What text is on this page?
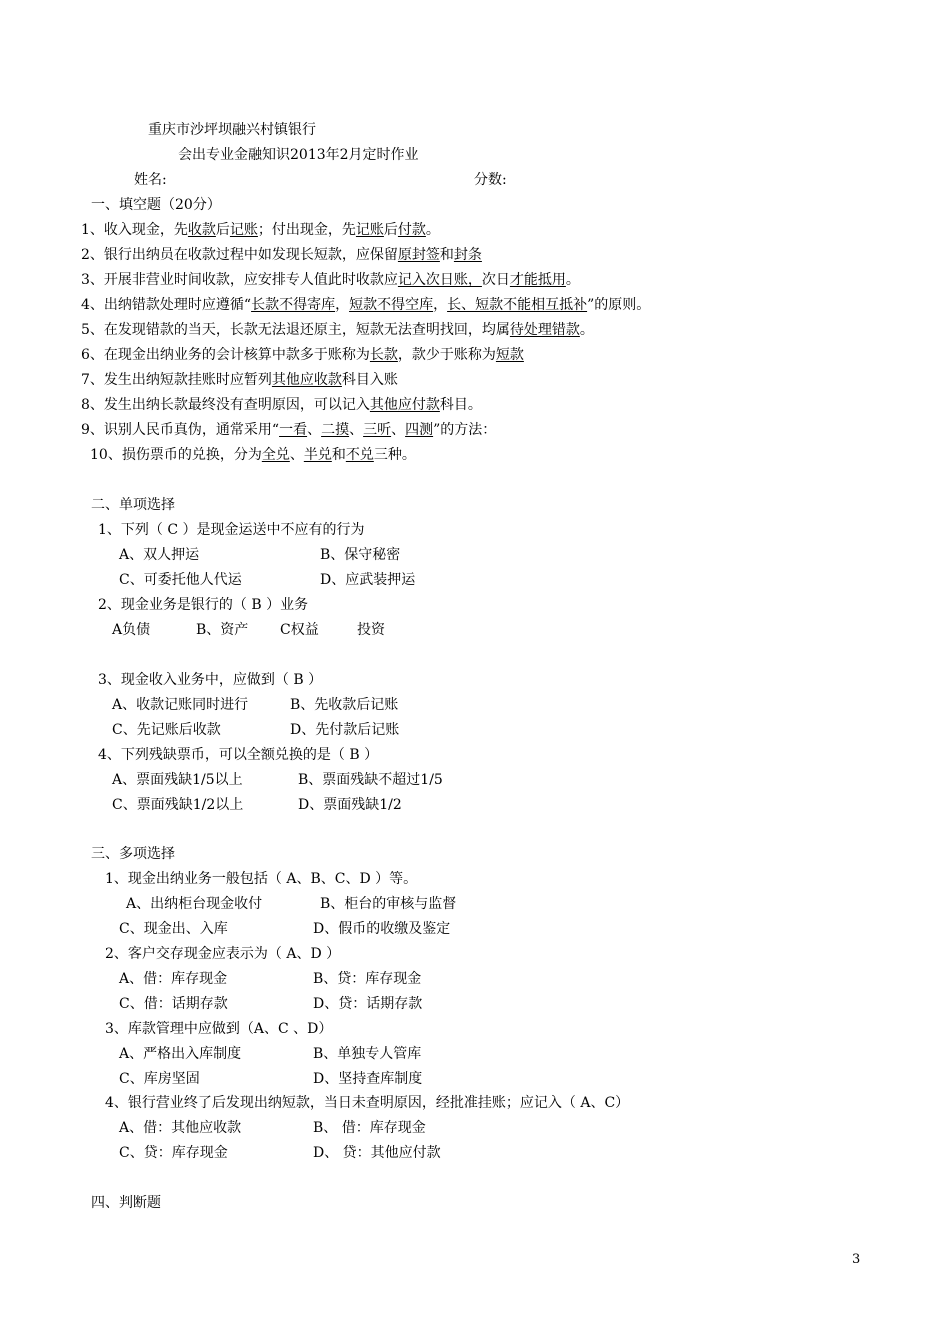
重庆市沙坪坝融兴村镇银行
会出专业金融知识2013年2月定时作业
姓名:	分数:
一、填空题（20分）
1、收入现金，先收款后记账；付出现金，先记账后付款。
2、银行出纳员在收款过程中如发现长短款，应保留原封签和封条
3、开展非营业时间收款，应安排专人值此时收款应记入次日账，次日才能抵用。
4、出纳错款处理时应遵循“长款不得寄库，短款不得空库，长、短款不能相互抵补”的原则。
5、在发现错款的当天，长款无法退还原主，短款无法查明找回，均属待处理错款。
6、在现金出纳业务的会计核算中款多于账称为长款，款少于账称为短款
7、发生出纳短款挂账时应暂列其他应收款科目入账
8、发生出纳长款最终没有查明原因，可以记入其他应付款科目。
9、识别人民币真伪，通常采用“一看、二摸、三听、四测”的方法：
10、损伤票币的兑换，分为全兑、半兑和不兑三种。
二、单项选择
1、下列（ C ）是现金运送中不应有的行为
A、双人押运	B、保守秘密
C、可委托他人代运	D、应武装押运
2、现金业务是银行的（ B ）业务
A负债	B、资产 C权益	投资
3、现金收入业务中，应做到（ B ）
A、收款记账同时进行	B、先收款后记账
C、先记账后收款	D、先付款后记账
4、下列残缺票币，可以全额兑换的是（ B ）
A、票面残缺1/5以上	B、票面残缺不超过1/5
C、票面残缺1/2以上	D、票面残缺1/2
三、多项选择
1、现金出纳业务一般包括（ A、B、C、D ）等。
A、出纳柜台现金收付	B、柜台的审核与监督
C、现金出、入库	D、假币的收缴及鉴定
2、客户交存现金应表示为（ A、D ）
A、借：库存现金	B、贷：库存现金
C、借：话期存款	D、贷：话期存款
3、库款管理中应做到（A、C 、D）
A、严格出入库制度	B、单独专人管库
C、库房坚固	D、坚持查库制度
4、银行营业终了后发现出纳短款，当日未查明原因，经批准挂账；应记入（ A、C）
A、借：其他应收款	B、 借：库存现金
C、贷：库存现金	D、 贷：其他应付款
四、判断题
3
